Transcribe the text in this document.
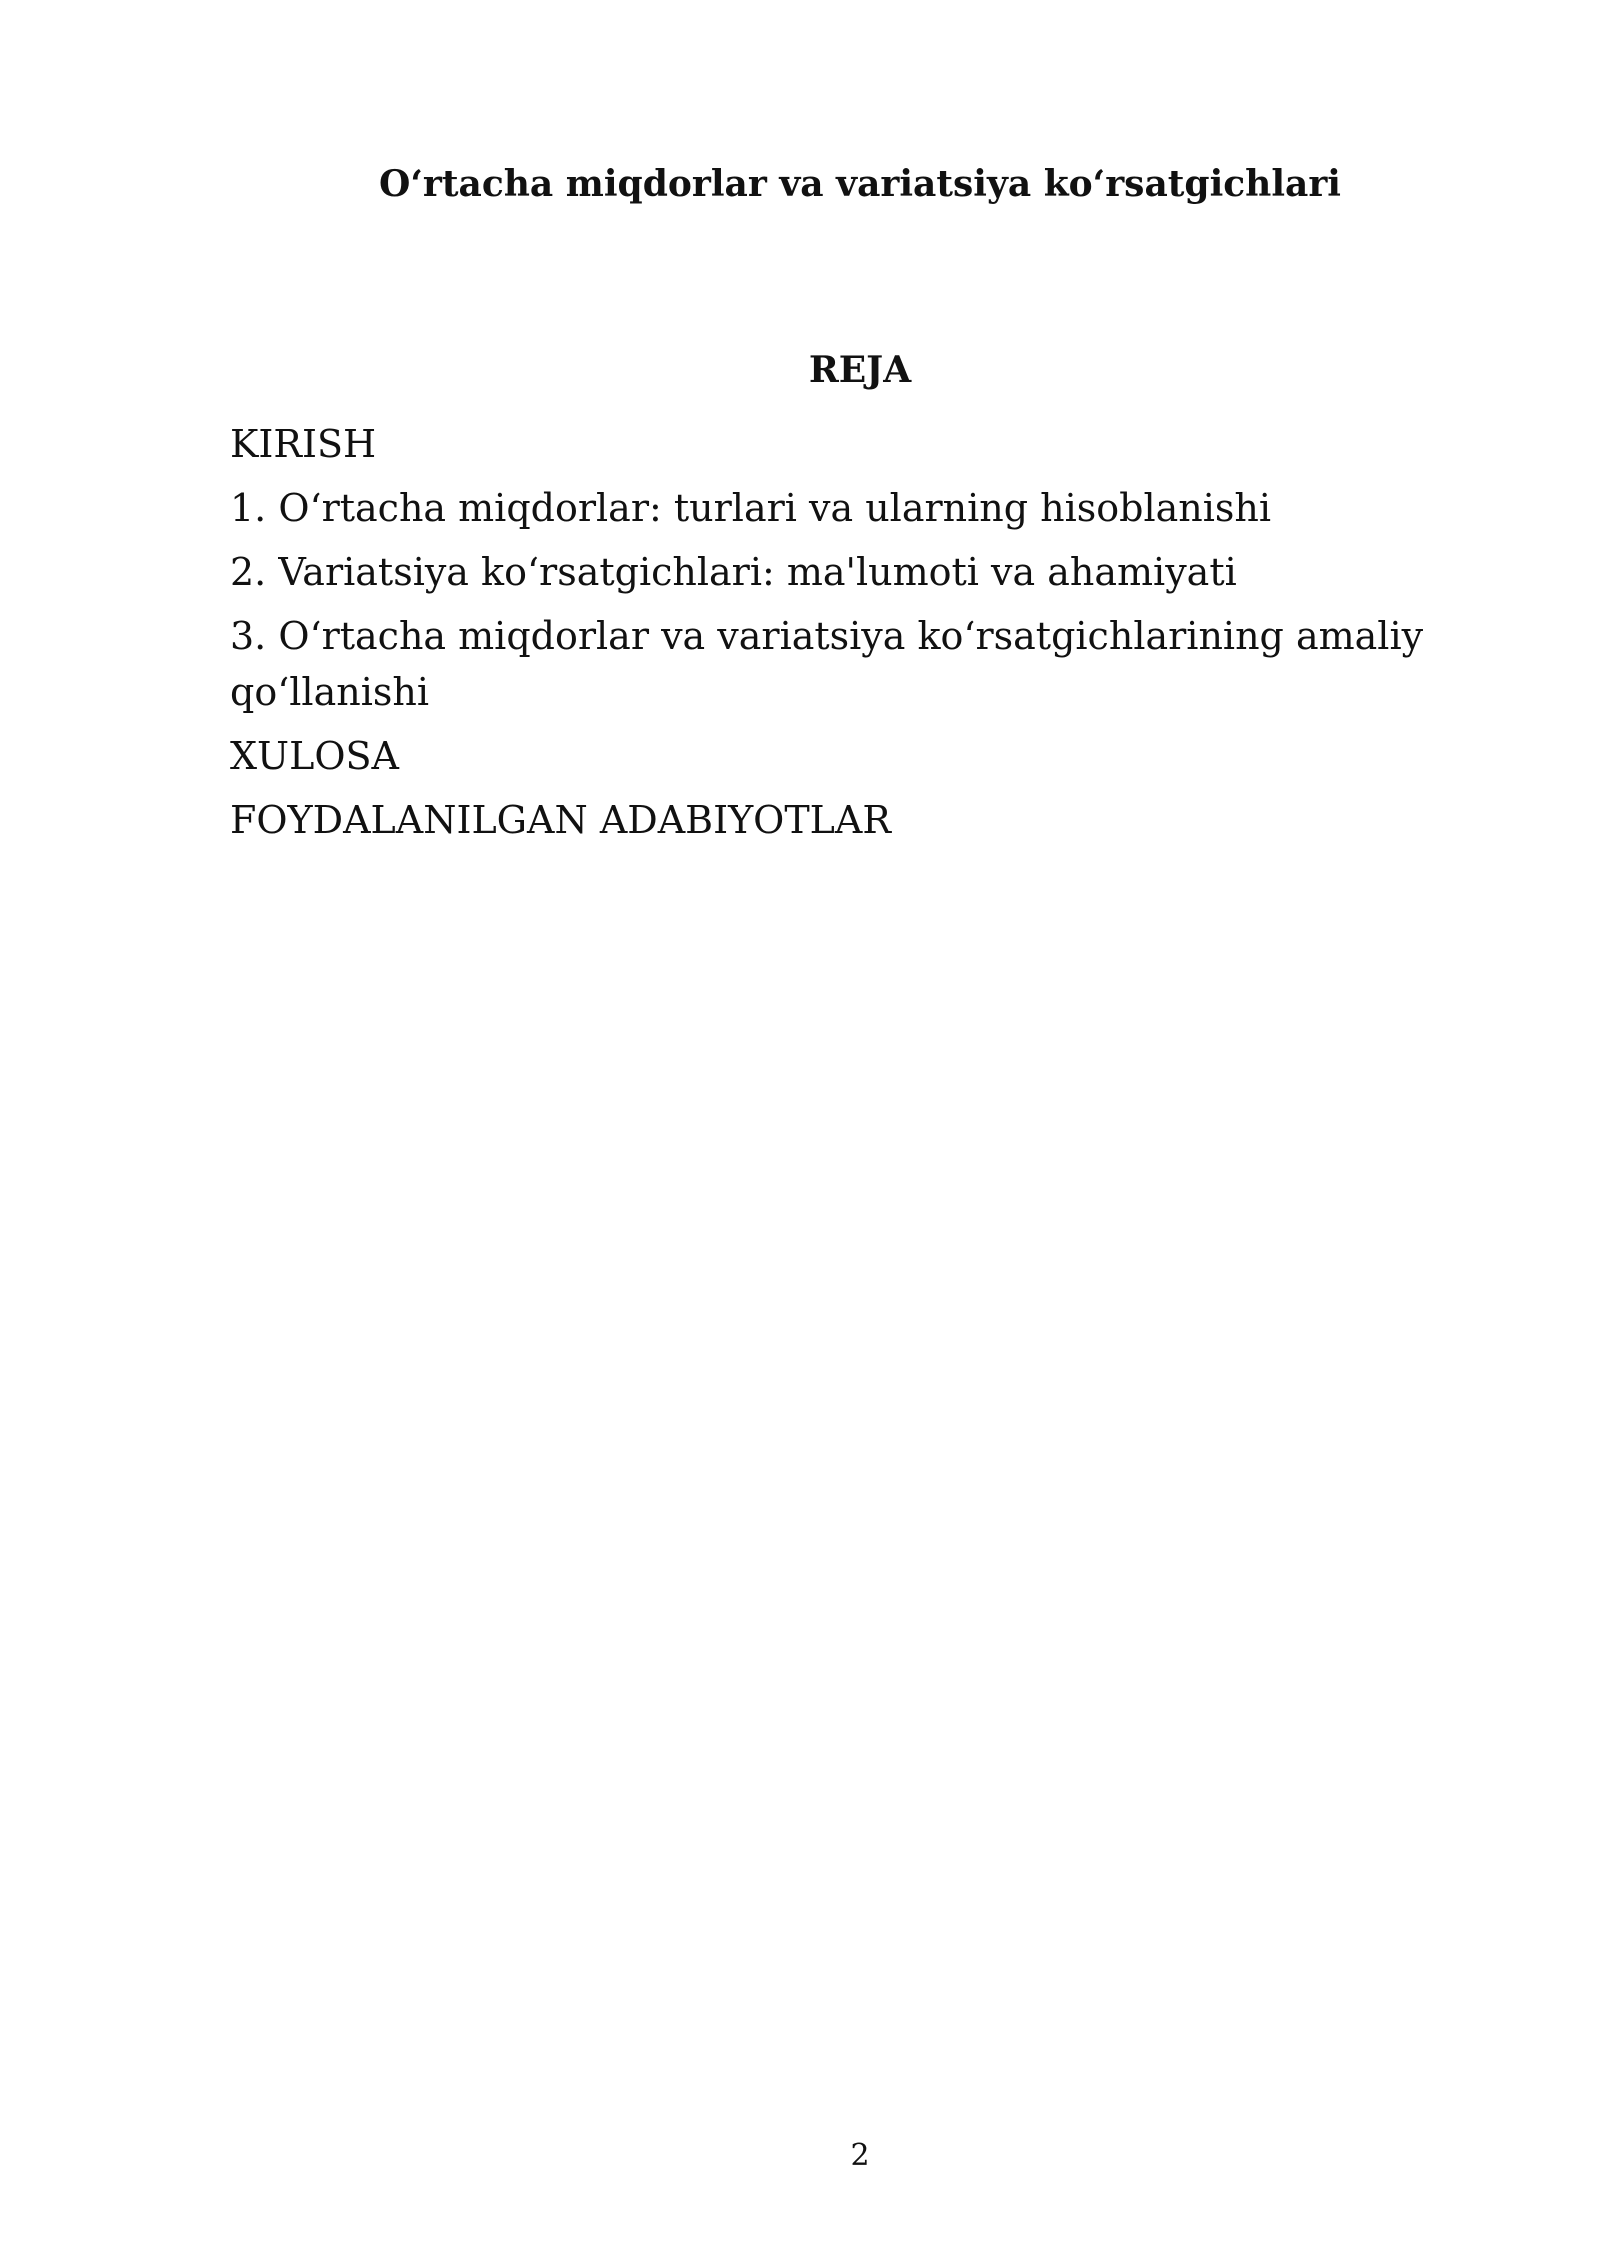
O‘rtacha miqdorlar va variatsiya ko‘rsatgichlari
REJA
KIRISH
1. O‘rtacha miqdorlar: turlari va ularning hisoblanishi
2. Variatsiya ko‘rsatgichlari: ma'lumoti va ahamiyati
3. O‘rtacha miqdorlar va variatsiya ko‘rsatgichlarining amaliy qo‘llanishi
XULOSA
FOYDALANILGAN ADABIYOTLAR
2
